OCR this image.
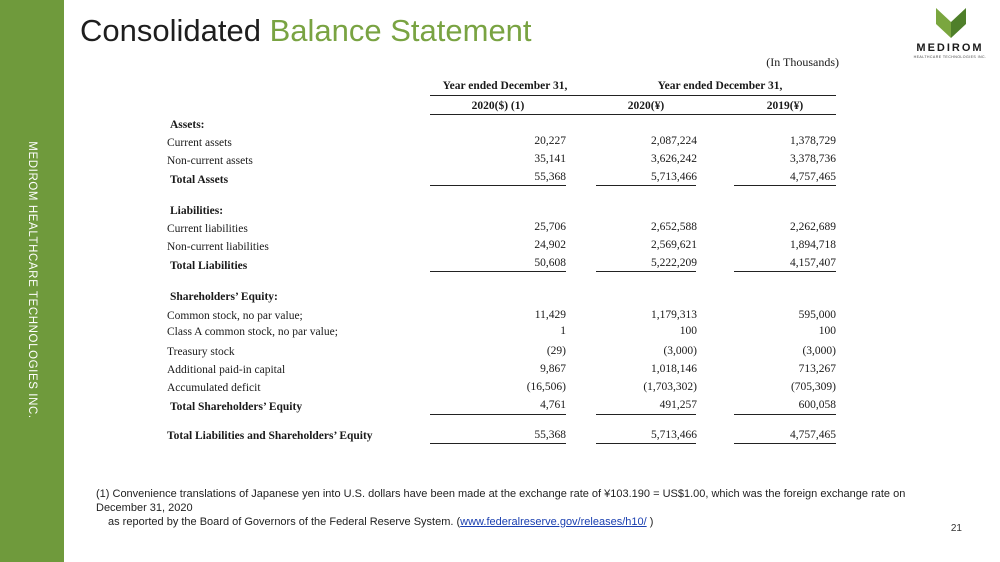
MEDIROM HEALTHCARE TECHNOLOGIES INC.
Consolidated Balance Statement	MEDIROM
HEALTHCARE TECHNOLOGIES INC.
(In Thousands)
Year ended December 31,	Year ended December 31,
2020($) (1)	2020(¥)	2019(¥)
Assets:
Current assets	20,227	2,087,224	1,378,729
Non-current assets	35,141	3,626,242	3,378,736
Total Assets	55,368	5,713,466	4,757,465
Liabilities:
Current liabilities	25,706	2,652,588	2,262,689
Non-current liabilities	24,902	2,569,621	1,894,718
Total Liabilities	50,608	5,222,209	4,157,407
Shareholders’ Equity:
Common stock, no par value;	11,429	1,179,313	595,000
Class A common stock, no par value;	1	100	100
Treasury stock	(29)	(3,000)	(3,000)
Additional paid-in capital	9,867	1,018,146	713,267
Accumulated deficit	(16,506)	(1,703,302)	(705,309)
Total Shareholders’ Equity	4,761	491,257	600,058
Total Liabilities and Shareholders’ Equity	55,368	5,713,466	4,757,465
(1) Convenience translations of Japanese yen into U.S. dollars have been made at the exchange rate of ¥103.190 = US$1.00, which was the foreign exchange rate on December 31, 2020
as reported by the Board of Governors of the Federal Reserve System. (www.federalreserve.gov/releases/h10/ )
21
